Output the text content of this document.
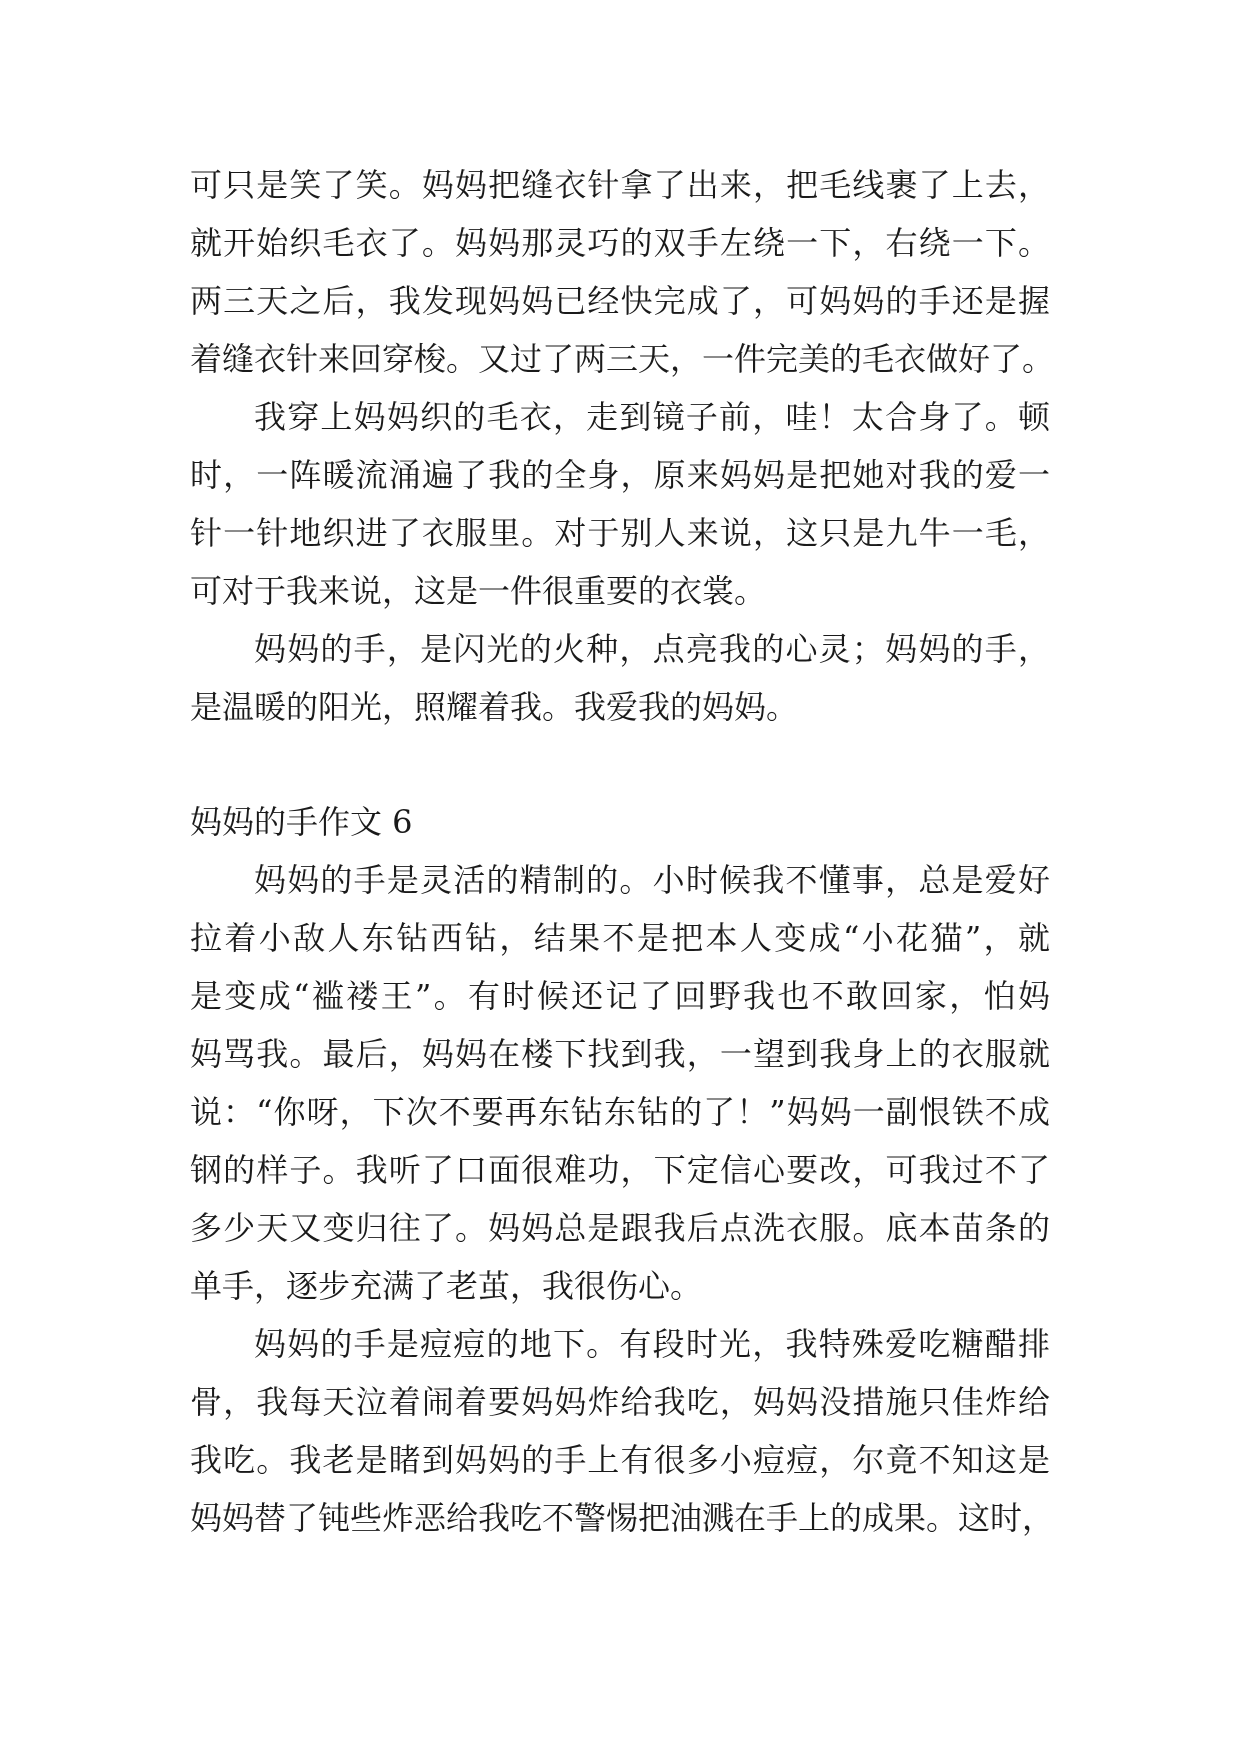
可只是笑了笑。妈妈把缝衣针拿了出来，把毛线裹了上去，
就开始织毛衣了。妈妈那灵巧的双手左绕一下，右绕一下。
两三天之后，我发现妈妈已经快完成了，可妈妈的手还是握
着缝衣针来回穿梭。又过了两三天，一件完美的毛衣做好了。
我穿上妈妈织的毛衣，走到镜子前，哇！太合身了。顿
时，一阵暖流涌遍了我的全身，原来妈妈是把她对我的爱一
针一针地织进了衣服里。对于别人来说，这只是九牛一毛，
可对于我来说，这是一件很重要的衣裳。
妈妈的手，是闪光的火种，点亮我的心灵；妈妈的手，
是温暖的阳光，照耀着我。我爱我的妈妈。
妈妈的手作文 6
妈妈的手是灵活的精制的。小时候我不懂事，总是爱好
拉着小敌人东钻西钻，结果不是把本人变成“小花猫”，就
是变成“褴褛王”。有时候还记了回野我也不敢回家，怕妈
妈骂我。最后，妈妈在楼下找到我，一望到我身上的衣服就
说：“你呀，下次不要再东钻东钻的了！”妈妈一副恨铁不成
钢的样子。我听了口面很难功，下定信心要改，可我过不了
多少天又变归往了。妈妈总是跟我后点洗衣服。底本苗条的
单手，逐步充满了老茧，我很伤心。
妈妈的手是痘痘的地下。有段时光，我特殊爱吃糖醋排
骨，我每天泣着闹着要妈妈炸给我吃，妈妈没措施只佳炸给
我吃。我老是睹到妈妈的手上有很多小痘痘，尔竟不知这是
妈妈替了钝些炸恶给我吃不警惕把油溅在手上的成果。这时，
